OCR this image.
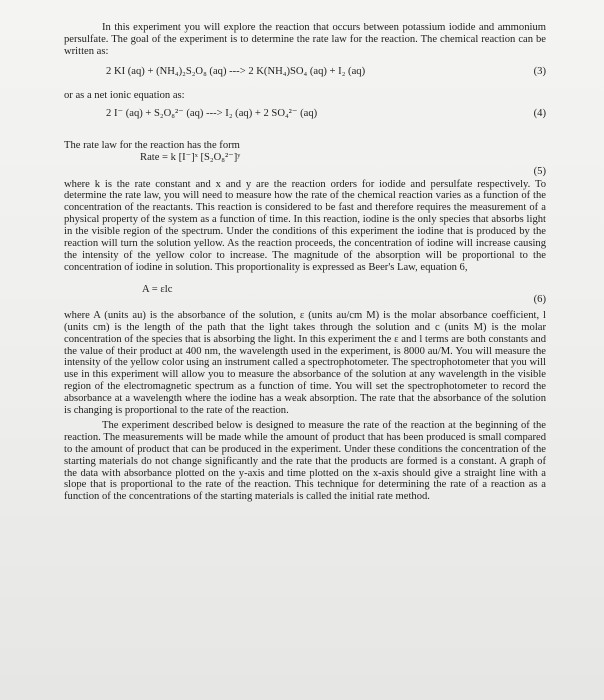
In this experiment you will explore the reaction that occurs between potassium iodide and ammonium persulfate. The goal of the experiment is to determine the rate law for the reaction. The chemical reaction can be written as:

2 KI (aq) + (NH₄)₂S₂O₈ (aq) ---> 2 K(NH₄)SO₄ (aq) + I₂ (aq)	(3)

or as a net ionic equation as:

2 I⁻ (aq) + S₂O₈²⁻ (aq) ---> I₂ (aq) + 2 SO₄²⁻ (aq)	(4)

The rate law for the reaction has the form

Rate = k [I⁻]ˣ [S₂O₈²⁻]ʸ
(5)

where k is the rate constant and x and y are the reaction orders for iodide and persulfate respectively. To determine the rate law, you will need to measure how the rate of the chemical reaction varies as a function of the concentration of the reactants. This reaction is considered to be fast and therefore requires the measurement of a physical property of the system as a function of time. In this reaction, iodine is the only species that absorbs light in the visible region of the spectrum. Under the conditions of this experiment the iodine that is produced by the reaction will turn the solution yellow. As the reaction proceeds, the concentration of iodine will increase causing the intensity of the yellow color to increase. The magnitude of the absorption will be proportional to the concentration of iodine in solution. This proportionality is expressed as Beer's Law, equation 6,

A = εlc
(6)

where A (units au) is the absorbance of the solution, ε (units au/cm M) is the molar absorbance coefficient, l (units cm) is the length of the path that the light takes through the solution and c (units M) is the molar concentration of the species that is absorbing the light. In this experiment the ε and l terms are both constants and the value of their product at 400 nm, the wavelength used in the experiment, is 8000 au/M. You will measure the intensity of the yellow color using an instrument called a spectrophotometer. The spectrophotometer that you will use in this experiment will allow you to measure the absorbance of the solution at any wavelength in the visible region of the electromagnetic spectrum as a function of time. You will set the spectrophotometer to record the absorbance at a wavelength where the iodine has a weak absorption. The rate that the absorbance of the solution is changing is proportional to the rate of the reaction.

The experiment described below is designed to measure the rate of the reaction at the beginning of the reaction. The measurements will be made while the amount of product that has been produced is small compared to the amount of product that can be produced in the experiment. Under these conditions the concentration of the starting materials do not change significantly and the rate that the products are formed is a constant. A graph of the data with absorbance plotted on the y-axis and time plotted on the x-axis should give a straight line with a slope that is proportional to the rate of the reaction. This technique for determining the rate of a reaction as a function of the concentrations of the starting materials is called the initial rate method.
